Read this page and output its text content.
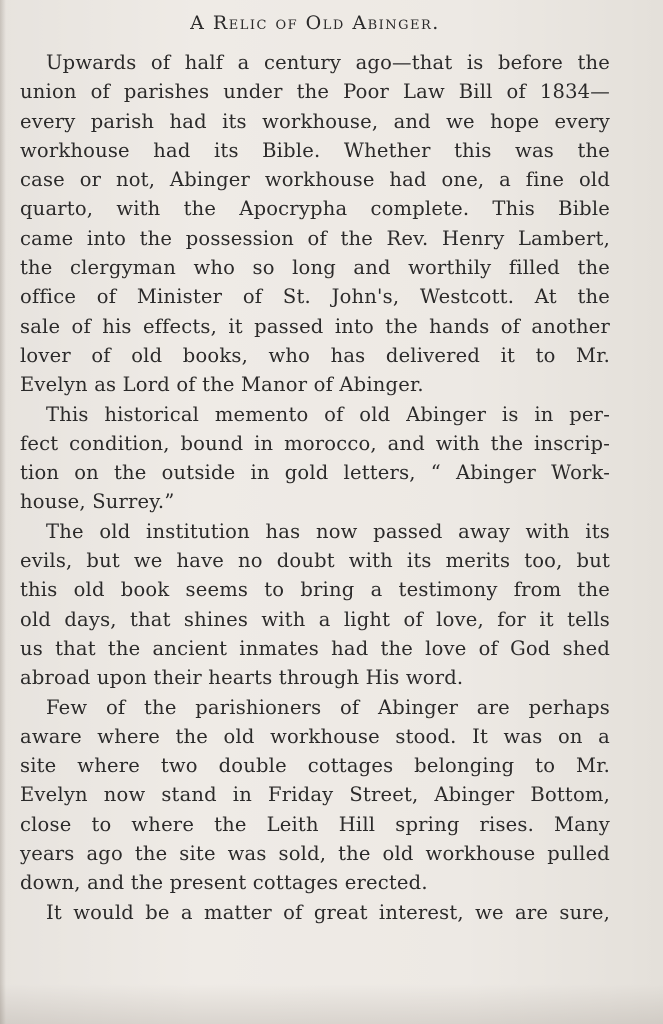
A Relic of Old Abinger.
Upwards of half a century ago—that is before the
union of parishes under the Poor Law Bill of 1834—
every parish had its workhouse, and we hope every
workhouse had its Bible. Whether this was the
case or not, Abinger workhouse had one, a fine old
quarto, with the Apocrypha complete. This Bible
came into the possession of the Rev. Henry Lambert,
the clergyman who so long and worthily filled the
office of Minister of St. John's, Westcott. At the
sale of his effects, it passed into the hands of another
lover of old books, who has delivered it to Mr.
Evelyn as Lord of the Manor of Abinger.
This historical memento of old Abinger is in per-
fect condition, bound in morocco, and with the inscrip-
tion on the outside in gold letters, “ Abinger Work-
house, Surrey.”
The old institution has now passed away with its
evils, but we have no doubt with its merits too, but
this old book seems to bring a testimony from the
old days, that shines with a light of love, for it tells
us that the ancient inmates had the love of God shed
abroad upon their hearts through His word.
Few of the parishioners of Abinger are perhaps
aware where the old workhouse stood. It was on a
site where two double cottages belonging to Mr.
Evelyn now stand in Friday Street, Abinger Bottom,
close to where the Leith Hill spring rises. Many
years ago the site was sold, the old workhouse pulled
down, and the present cottages erected.
It would be a matter of great interest, we are sure,
